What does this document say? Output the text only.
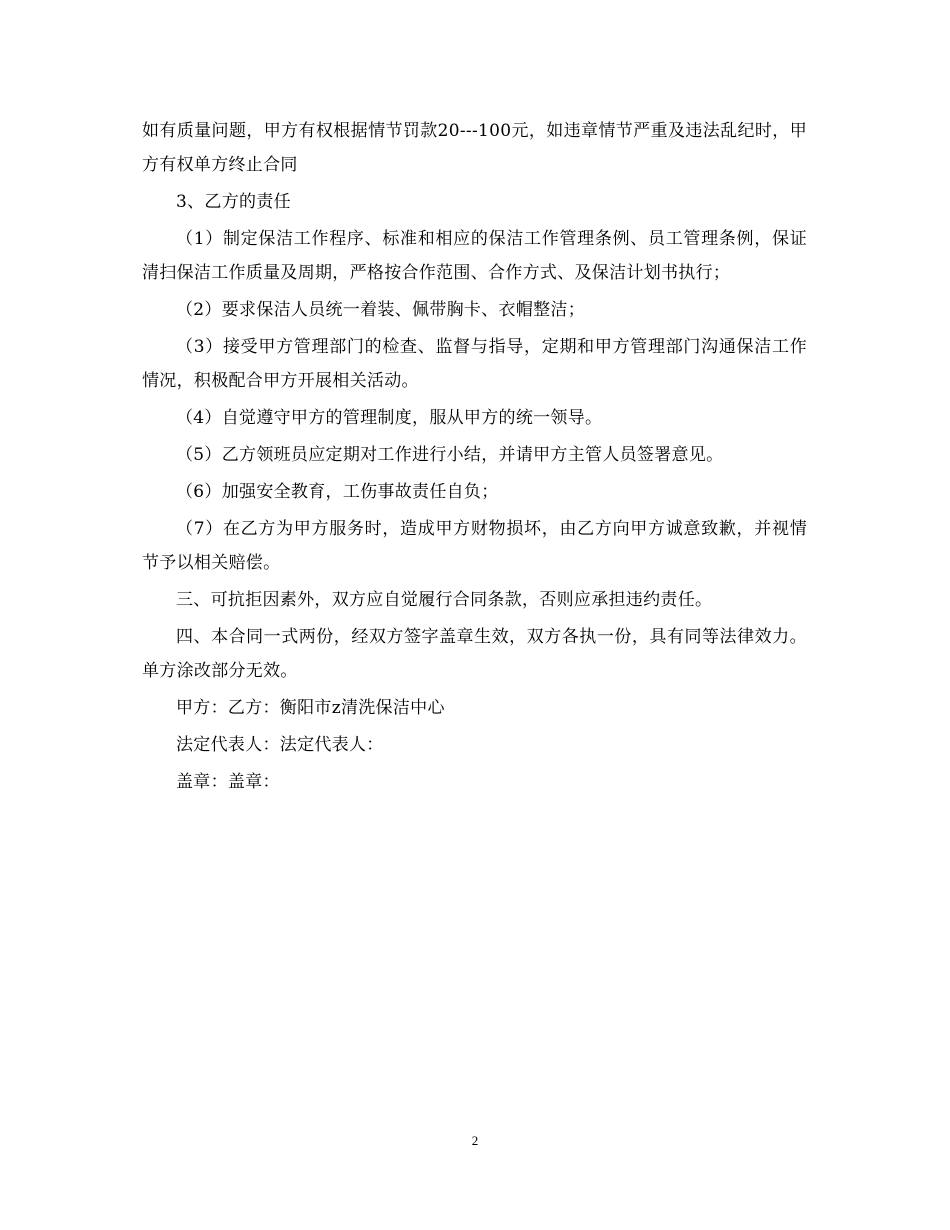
如有质量问题，甲方有权根据情节罚款20---100元，如违章情节严重及违法乱纪时，甲方有权单方终止合同

3、乙方的责任

（1）制定保洁工作程序、标准和相应的保洁工作管理条例、员工管理条例，保证清扫保洁工作质量及周期，严格按合作范围、合作方式、及保洁计划书执行；

（2）要求保洁人员统一着装、佩带胸卡、衣帽整洁；

（3）接受甲方管理部门的检查、监督与指导，定期和甲方管理部门沟通保洁工作情况，积极配合甲方开展相关活动。

（4）自觉遵守甲方的管理制度，服从甲方的统一领导。

（5）乙方领班员应定期对工作进行小结，并请甲方主管人员签署意见。

（6）加强安全教育，工伤事故责任自负；

（7）在乙方为甲方服务时，造成甲方财物损坏，由乙方向甲方诚意致歉，并视情节予以相关赔偿。

三、可抗拒因素外，双方应自觉履行合同条款，否则应承担违约责任。

四、本合同一式两份，经双方签字盖章生效，双方各执一份，具有同等法律效力。单方涂改部分无效。

甲方：乙方：衡阳市z清洗保洁中心

法定代表人：法定代表人：

盖章：盖章：

2
